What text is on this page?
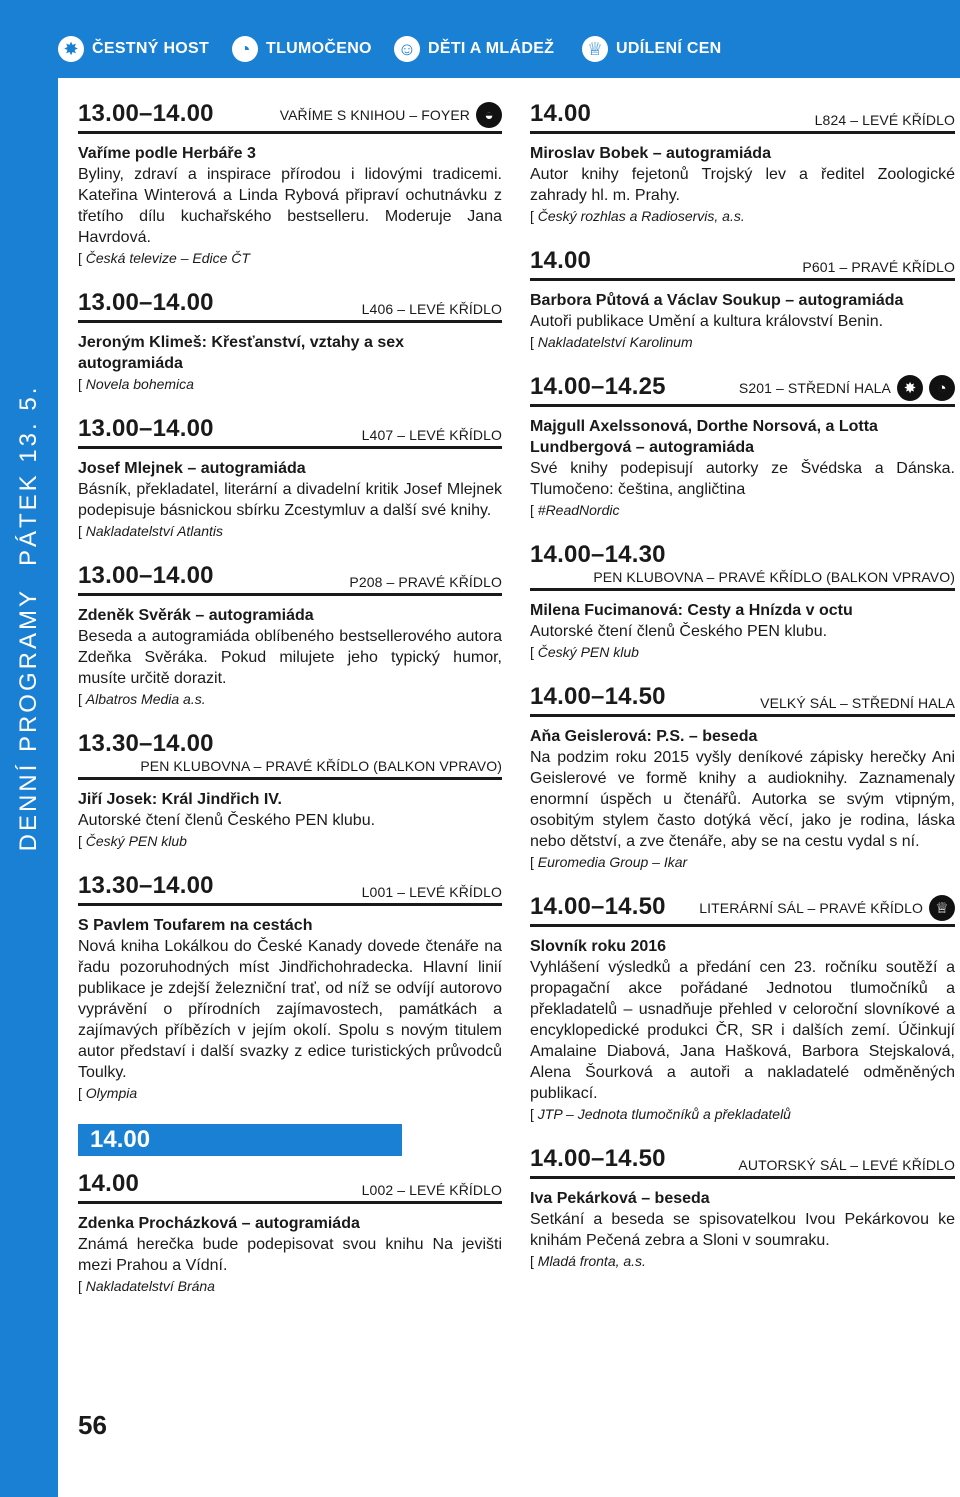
✸ ČESTNÝ HOST	◔ TLUMOČENO ☺ DĚTI A MLÁDEŽ ♕ UDÍLENÍ CEN
DENNÍ PROGRAMYPÁTEK 13. 5.
13.00–14.00	VAŘÍME S KNIHOU – FOYER ◒
Vaříme podle Herbáře 3
Byliny, zdraví a inspirace přírodou i lidovými tradicemi. Kateřina Winterová a Linda Rybová připraví ochutnávku z třetího dílu kuchařského bestselleru. Moderuje Jana Havrdová.
[ Česká televize – Edice ČT
13.00–14.00	L406 – LEVÉ KŘÍDLO
Jeroným Klimeš: Křesťanství, vztahy a sex autogramiáda
[ Novela bohemica
13.00–14.00	L407 – LEVÉ KŘÍDLO
Josef Mlejnek – autogramiáda
Básník, překladatel, literární a divadelní kritik Josef Mlejnek podepisuje básnickou sbírku Zcestymluv a další své knihy.
[ Nakladatelství Atlantis
13.00–14.00	P208 – PRAVÉ KŘÍDLO
Zdeněk Svěrák – autogramiáda
Beseda a autogramiáda oblíbeného bestsellerového autora Zdeňka Svěráka. Pokud milujete jeho typický humor, musíte určitě dorazit.
[ Albatros Media a.s.
13.30–14.00
PEN KLUBOVNA – PRAVÉ KŘÍDLO (BALKON VPRAVO)
Jiří Josek: Král Jindřich IV.
Autorské čtení členů Českého PEN klubu.
[ Český PEN klub
13.30–14.00	L001 – LEVÉ KŘÍDLO
S Pavlem Toufarem na cestách
Nová kniha Lokálkou do České Kanady dovede čtenáře na řadu pozoruhodných míst Jindřichohradecka. Hlavní linií publikace je zdejší železniční trať, od níž se odvíjí autorovo vyprávění o přírodních zajímavostech, památkách a zajímavých příbězích v jejím okolí. Spolu s novým titulem autor představí i další svazky z edice turistických průvodců Toulky.
[ Olympia
14.00
14.00	L002 – LEVÉ KŘÍDLO
Zdenka Procházková – autogramiáda
Známá herečka bude podepisovat svou knihu Na jevišti mezi Prahou a Vídní.
[ Nakladatelství Brána
14.00	L824 – LEVÉ KŘÍDLO
Miroslav Bobek – autogramiáda
Autor knihy fejetonů Trojský lev a ředitel Zoologické zahrady hl. m. Prahy.
[ Český rozhlas a Radioservis, a.s.
14.00	P601 – PRAVÉ KŘÍDLO
Barbora Půtová a Václav Soukup – autogramiáda
Autoři publikace Umění a kultura království Benin.
[ Nakladatelství Karolinum
14.00–14.25	S201 – STŘEDNÍ HALA ✸	◔
Majgull Axelssonová, Dorthe Norsová, a Lotta Lundbergová – autogramiáda
Své knihy podepisují autorky ze Švédska a Dánska. Tlumočeno: čeština, angličtina
[ #ReadNordic
14.00–14.30
PEN KLUBOVNA – PRAVÉ KŘÍDLO (BALKON VPRAVO)
Milena Fucimanová: Cesty a Hnízda v octu
Autorské čtení členů Českého PEN klubu.
[ Český PEN klub
14.00–14.50	VELKÝ SÁL – STŘEDNÍ HALA
Aňa Geislerová: P.S. – beseda
Na podzim roku 2015 vyšly deníkové zápisky herečky Ani Geislerové ve formě knihy a audioknihy. Zaznamenaly enormní úspěch u čtenářů. Autorka se svým vtipným, osobitým stylem často dotýká věcí, jako je rodina, láska nebo dětství, a zve čtenáře, aby se na cestu vydal s ní.
[ Euromedia Group – Ikar
14.00–14.50 LITERÁRNÍ SÁL – PRAVÉ KŘÍDLO ♕
Slovník roku 2016
Vyhlášení výsledků a předání cen 23. ročníku soutěží a propagační akce pořádané Jednotou tlumočníků a překladatelů – usnadňuje přehled v celoroční slovníkové a encyklopedické produkci ČR, SR i dalších zemí. Účinkují Amalaine Diabová, Jana Hašková, Barbora Stejskalová, Alena Šourková a autoři a nakladatelé odměněných publikací.
[ JTP – Jednota tlumočníků a překladatelů
14.00–14.50	AUTORSKÝ SÁL – LEVÉ KŘÍDLO
Iva Pekárková – beseda
Setkání a beseda se spisovatelkou Ivou Pekárkovou ke knihám Pečená zebra a Sloni v soumraku.
[ Mladá fronta, a.s.
56
